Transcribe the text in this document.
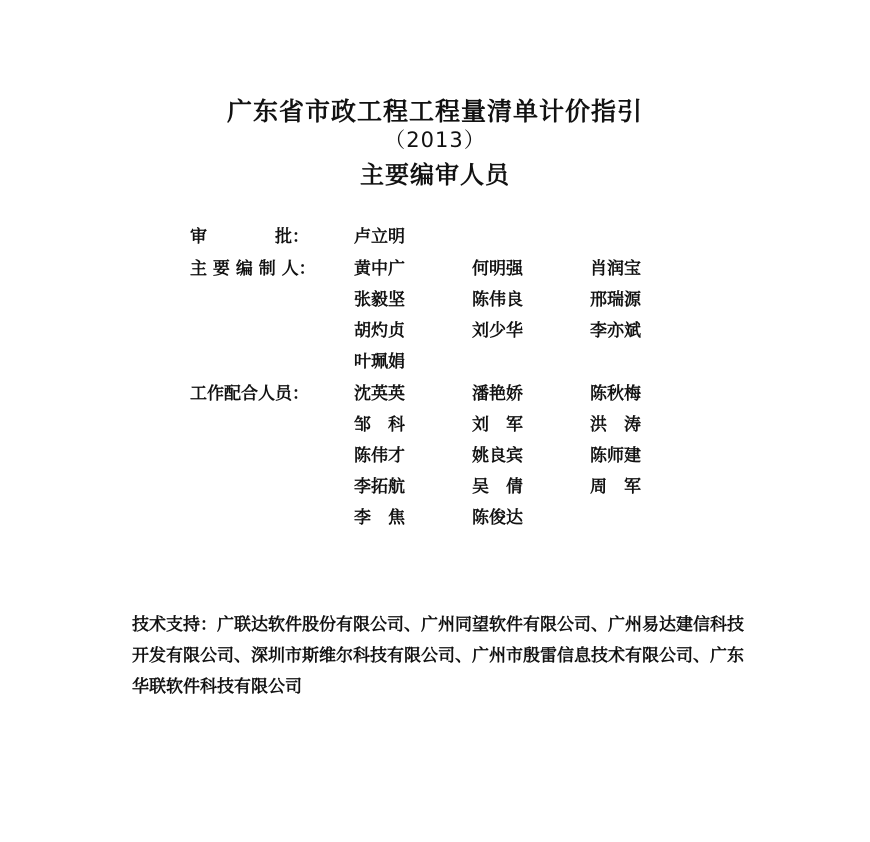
广东省市政工程工程量清单计价指引
（2013）
主要编审人员
审　　　　批：	卢立明
主 要 编 制 人：	黄中广	何明强	肖润宝
张毅坚	陈伟良	邢瑞源
胡灼贞	刘少华	李亦斌
叶珮娟
工作配合人员：	沈英英	潘艳娇	陈秋梅
邹　科	刘　军	洪　涛
陈伟才	姚良宾	陈师建
李拓航	吴　倩	周　军
李　焦	陈俊达
技术支持：广联达软件股份有限公司、广州同望软件有限公司、广州易达建信科技开发有限公司、深圳市斯维尔科技有限公司、广州市殷雷信息技术有限公司、广东华联软件科技有限公司
